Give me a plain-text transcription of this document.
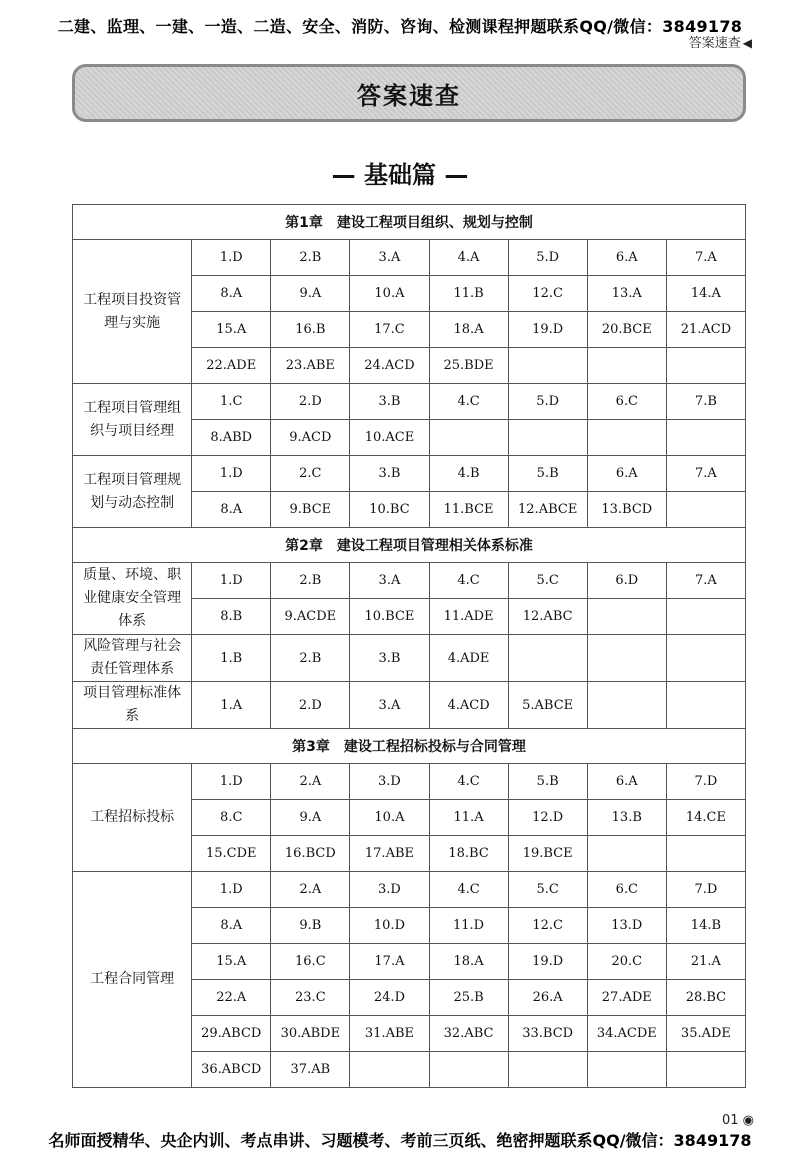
二建、监理、一建、一造、二造、安全、消防、咨询、检测课程押题联系QQ/微信：3849178
答案速查 ◀
答案速查
— 基础篇 —
第1章　建设工程项目组织、规划与控制							
工程项目投资管理与实施	1.D	2.B	3.A	4.A	5.D	6.A	7.A
	8.A	9.A	10.A	11.B	12.C	13.A	14.A
	15.A	16.B	17.C	18.A	19.D	20.BCE	21.ACD
	22.ADE	23.ABE	24.ACD	25.BDE			
工程项目管理组织与项目经理	1.C	2.D	3.B	4.C	5.D	6.C	7.B
	8.ABD	9.ACD	10.ACE				
工程项目管理规划与动态控制	1.D	2.C	3.B	4.B	5.B	6.A	7.A
	8.A	9.BCE	10.BC	11.BCE	12.ABCE	13.BCD	
第2章　建设工程项目管理相关体系标准							
质量、环境、职业健康安全管理体系	1.D	2.B	3.A	4.C	5.C	6.D	7.A
	8.B	9.ACDE	10.BCE	11.ADE	12.ABC		
风险管理与社会责任管理体系	1.B	2.B	3.B	4.ADE			
项目管理标准体系	1.A	2.D	3.A	4.ACD	5.ABCE		
第3章　建设工程招标投标与合同管理							
工程招标投标	1.D	2.A	3.D	4.C	5.B	6.A	7.D
	8.C	9.A	10.A	11.A	12.D	13.B	14.CE
	15.CDE	16.BCD	17.ABE	18.BC	19.BCE		
工程合同管理	1.D	2.A	3.D	4.C	5.C	6.C	7.D
	8.A	9.B	10.D	11.D	12.C	13.D	14.B
	15.A	16.C	17.A	18.A	19.D	20.C	21.A
	22.A	23.C	24.D	25.B	26.A	27.ADE	28.BC
	29.ABCD	30.ABDE	31.ABE	32.ABC	33.BCD	34.ACDE	35.ADE
	36.ABCD	37.AB					
01 ◉
名师面授精华、央企内训、考点串讲、习题模考、考前三页纸、绝密押题联系QQ/微信：3849178
